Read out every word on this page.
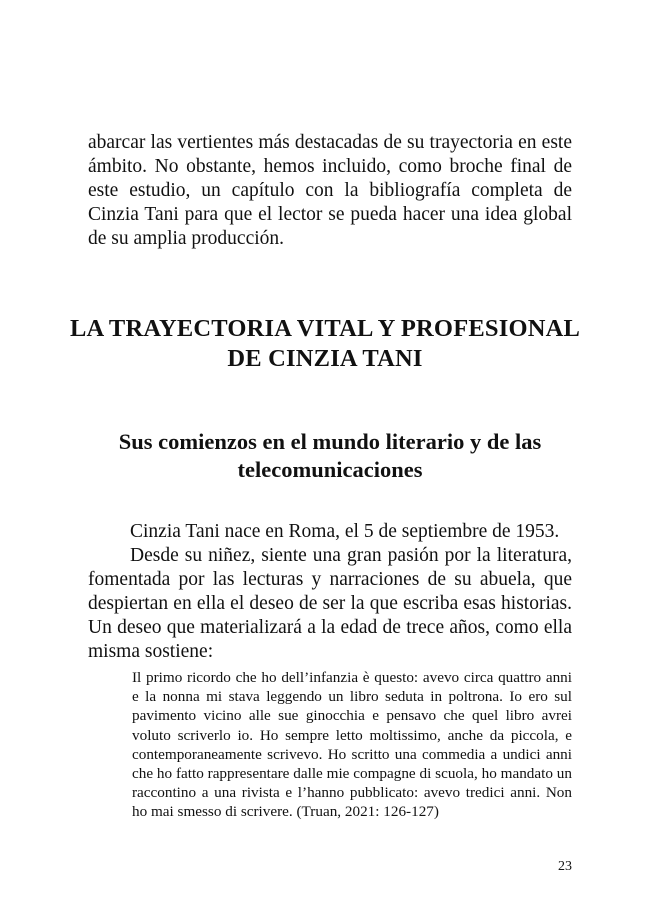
abarcar las vertientes más destacadas de su trayectoria en este ámbito. No obstante, hemos incluido, como broche final de este estudio, un capítulo con la bibliografía completa de Cinzia Tani para que el lector se pueda hacer una idea global de su amplia producción.

LA TRAYECTORIA VITAL Y PROFESIONAL
DE CINZIA TANI
Sus comienzos en el mundo literario y de las
telecomunicaciones

Cinzia Tani nace en Roma, el 5 de septiembre de 1953.

Desde su niñez, siente una gran pasión por la literatura, fomentada por las lecturas y narraciones de su abuela, que despiertan en ella el deseo de ser la que escriba esas historias. Un deseo que materializará a la edad de trece años, como ella misma sostiene:

Il primo ricordo che ho dell’infanzia è questo: avevo circa quattro anni e la nonna mi stava leggendo un libro seduta in poltrona. Io ero sul pavimento vicino alle sue ginocchia e pensavo che quel libro avrei voluto scriverlo io. Ho sempre letto moltissimo, anche da piccola, e contemporaneamente scrivevo. Ho scritto una commedia a undici anni che ho fatto rappresentare dalle mie compagne di scuola, ho mandato un raccontino a una rivista e l’hanno pubblicato: avevo tredici anni. Non ho mai smesso di scrivere. (Truan, 2021: 126-127)

23
